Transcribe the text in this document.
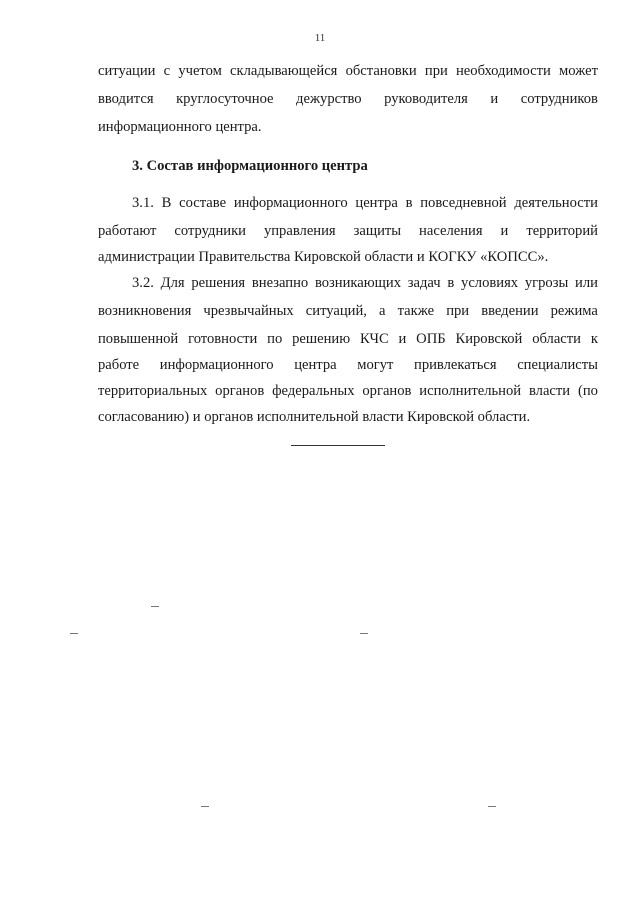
11
ситуации с учетом складывающейся обстановки при необходимости может
вводится круглосуточное дежурство руководителя и сотрудников
информационного центра.
3. Состав информационного центра
3.1. В составе информационного центра в повседневной деятельности
работают сотрудники управления защиты населения и территорий
администрации Правительства Кировской области и КОГКУ «КОПСС».
3.2. Для решения внезапно возникающих задач в условиях угрозы или
возникновения чрезвычайных ситуаций, а также при введении режима
повышенной готовности по решению КЧС и ОПБ Кировской области к
работе информационного центра могут привлекаться специалисты
территориальных органов федеральных органов исполнительной власти (по
согласованию) и органов исполнительной власти Кировской области.
